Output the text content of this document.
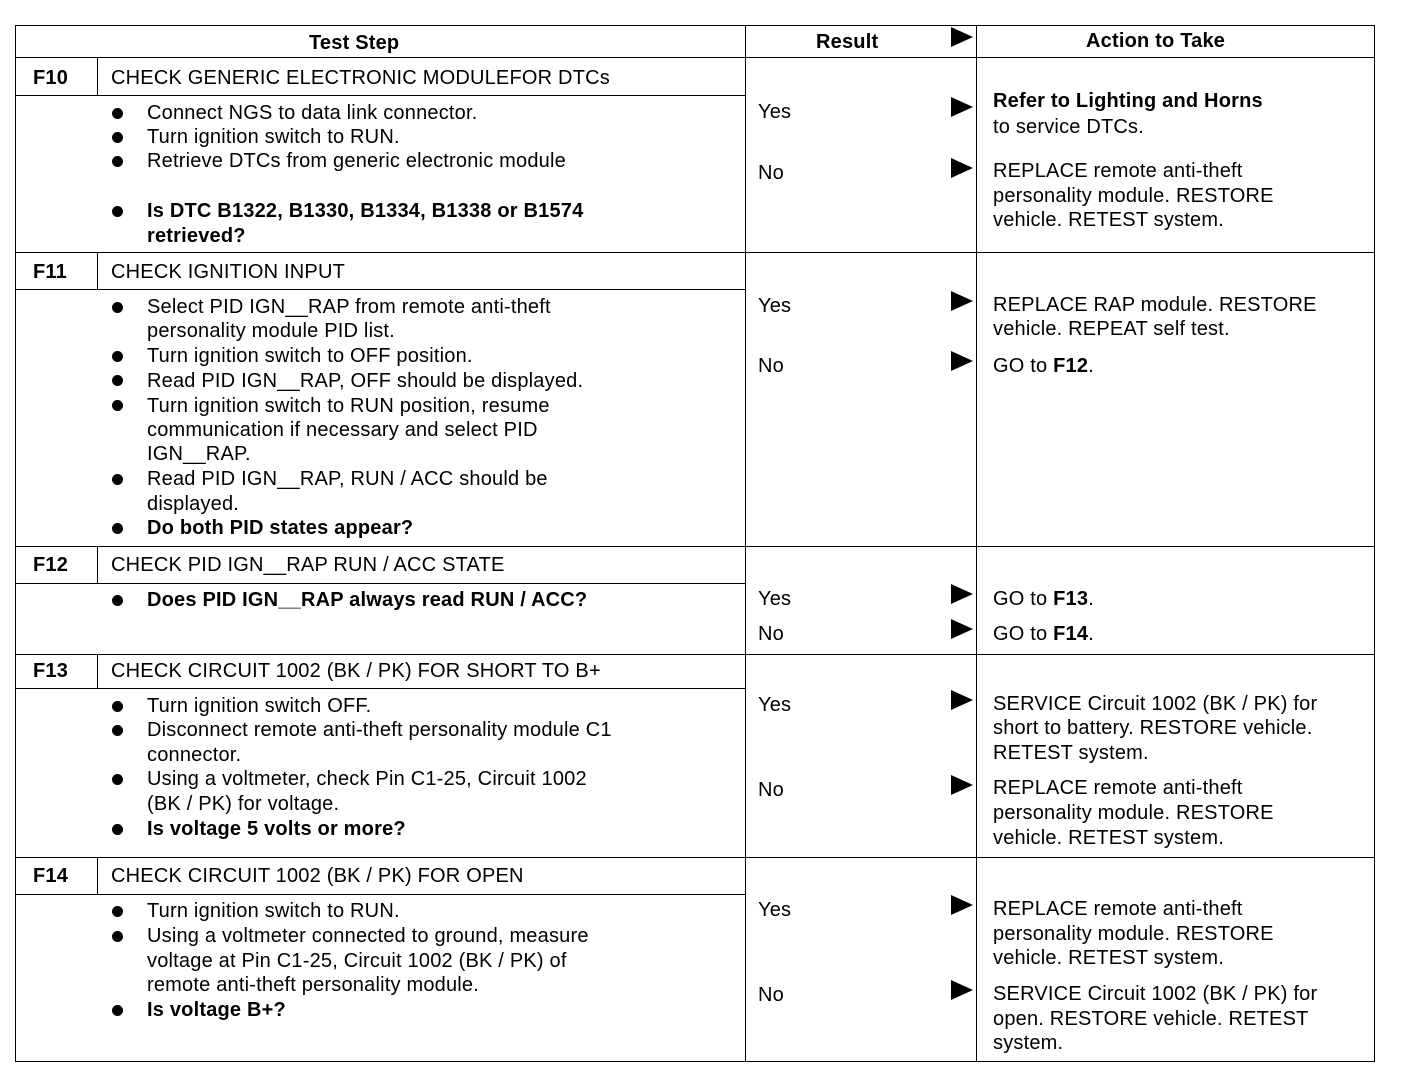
Test Step	Result	Action to Take
F10 CHECK GENERIC ELECTRONIC MODULEFOR DTCs
Connect NGS to data link connector.
Turn ignition switch to RUN.
Retrieve DTCs from generic electronic module
Is DTC B1322, B1330, B1334, B1338 or B1574
retrieved?
Yes	Refer to Lighting and Horns
to service DTCs.
No	REPLACE remote anti-theft
personality module. RESTORE
vehicle. RETEST system.
F11 CHECK IGNITION INPUT
Select PID IGN__RAP from remote anti-theft
personality module PID list.
Turn ignition switch to OFF position.
Read PID IGN__RAP, OFF should be displayed.
Turn ignition switch to RUN position, resume
communication if necessary and select PID
IGN__RAP.
Read PID IGN__RAP, RUN / ACC should be
displayed.
Do both PID states appear?
Yes	REPLACE RAP module. RESTORE
vehicle. REPEAT self test.
No	GO to F12.
F12 CHECK PID IGN__RAP RUN / ACC STATE
Does PID IGN__RAP always read RUN / ACC?	Yes	GO to F13.
No	GO to F14.
F13 CHECK CIRCUIT 1002 (BK / PK) FOR SHORT TO B+
Turn ignition switch OFF.
Disconnect remote anti-theft personality module C1
connector.
Using a voltmeter, check Pin C1-25, Circuit 1002
(BK / PK) for voltage.
Is voltage 5 volts or more?
Yes	SERVICE Circuit 1002 (BK / PK) for
short to battery. RESTORE vehicle.
RETEST system.
No	REPLACE remote anti-theft
personality module. RESTORE
vehicle. RETEST system.
F14 CHECK CIRCUIT 1002 (BK / PK) FOR OPEN
Turn ignition switch to RUN.
Using a voltmeter connected to ground, measure
voltage at Pin C1-25, Circuit 1002 (BK / PK) of
remote anti-theft personality module.
Is voltage B+?
Yes	REPLACE remote anti-theft
personality module. RESTORE
vehicle. RETEST system.
No	SERVICE Circuit 1002 (BK / PK) for
open. RESTORE vehicle. RETEST
system.
